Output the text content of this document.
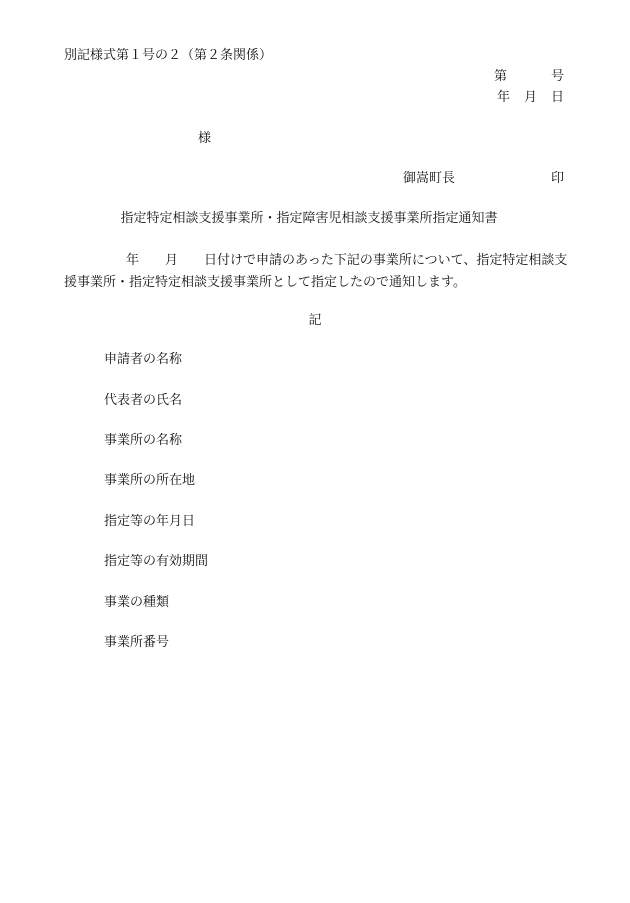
別記様式第１号の２（第２条関係）
第	号
年 月 日
様
御嵩町長	印
指定特定相談支援事業所・指定障害児相談支援事業所指定通知書
年 月 日付けで申請のあった下記の事業所について、指定特定相談支援事業所・指定特定相談支援事業所として指定したので通知します。
記
申請者の名称
代表者の氏名
事業所の名称
事業所の所在地
指定等の年月日
指定等の有効期間
事業の種類
事業所番号
